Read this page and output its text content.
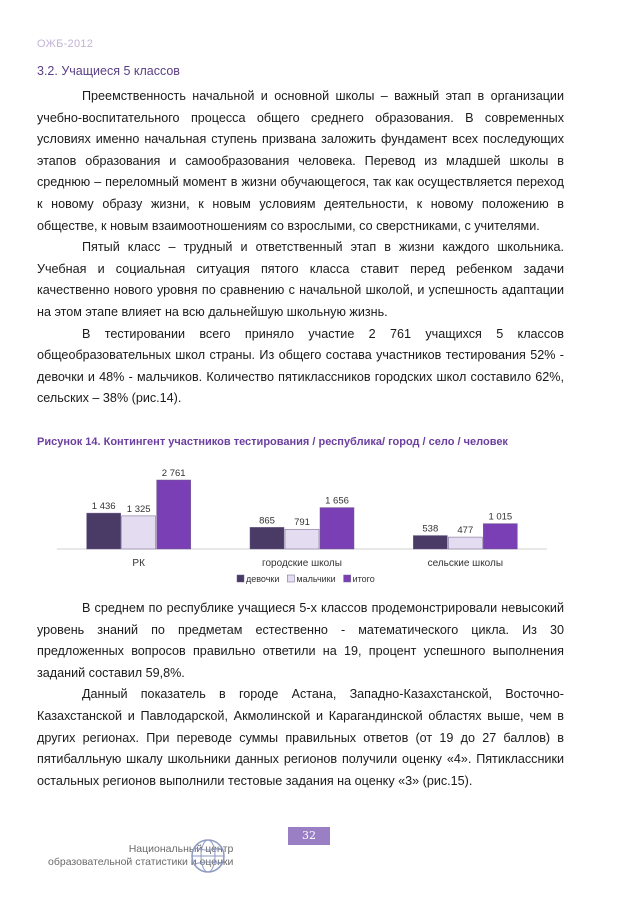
ОЖБ-2012
3.2. Учащиеся 5 классов

Преемственность начальной и основной школы – важный этап в организации учебно-воспитательного процесса общего среднего образования. В современных условиях именно начальная ступень призвана заложить фундамент всех последующих этапов образования и самообразования человека. Перевод из младшей школы в среднюю – переломный момент в жизни обучающегося, так как осуществляется переход к новому образу жизни, к новым условиям деятельности, к новому положению в обществе, к новым взаимоотношениям со взрослыми, со сверстниками, с учителями.

Пятый класс – трудный и ответственный этап в жизни каждого школьника. Учебная и социальная ситуация пятого класса ставит перед ребенком задачи качественно нового уровня по сравнению с начальной школой, и успешность адаптации на этом этапе влияет на всю дальнейшую школьную жизнь.

В тестировании всего приняло участие 2 761 учащихся 5 классов общеобразовательных школ страны. Из общего состава участников тестирования 52% - девочки и 48% - мальчиков. Количество пятиклассников городских школ составило 62%, сельских – 38% (рис.14).

Рисунок 14. Контингент участников тестирования / республика/ город / село / человек
1 436 1 325
2 761
РК
865 791
1 656
городские школы
538 477
1 015
сельские школы
девочки мальчики итого

В среднем по республике учащиеся 5-х классов продемонстрировали невысокий уровень знаний по предметам естественно - математического цикла. Из 30 предложенных вопросов правильно ответили на 19, процент успешного выполнения заданий составил 59,8%.

Данный показатель в городе Астана, Западно-Казахстанской, Восточно-Казахстанской и Павлодарской, Акмолинской и Карагандинской областях выше, чем в других регионах. При переводе суммы правильных ответов (от 19 до 27 баллов) в пятибалльную шкалу школьники данных регионов получили оценку «4». Пятиклассники остальных регионов выполнили тестовые задания на оценку «3» (рис.15).

32
Национальный центр
образовательной статистики и оценки
